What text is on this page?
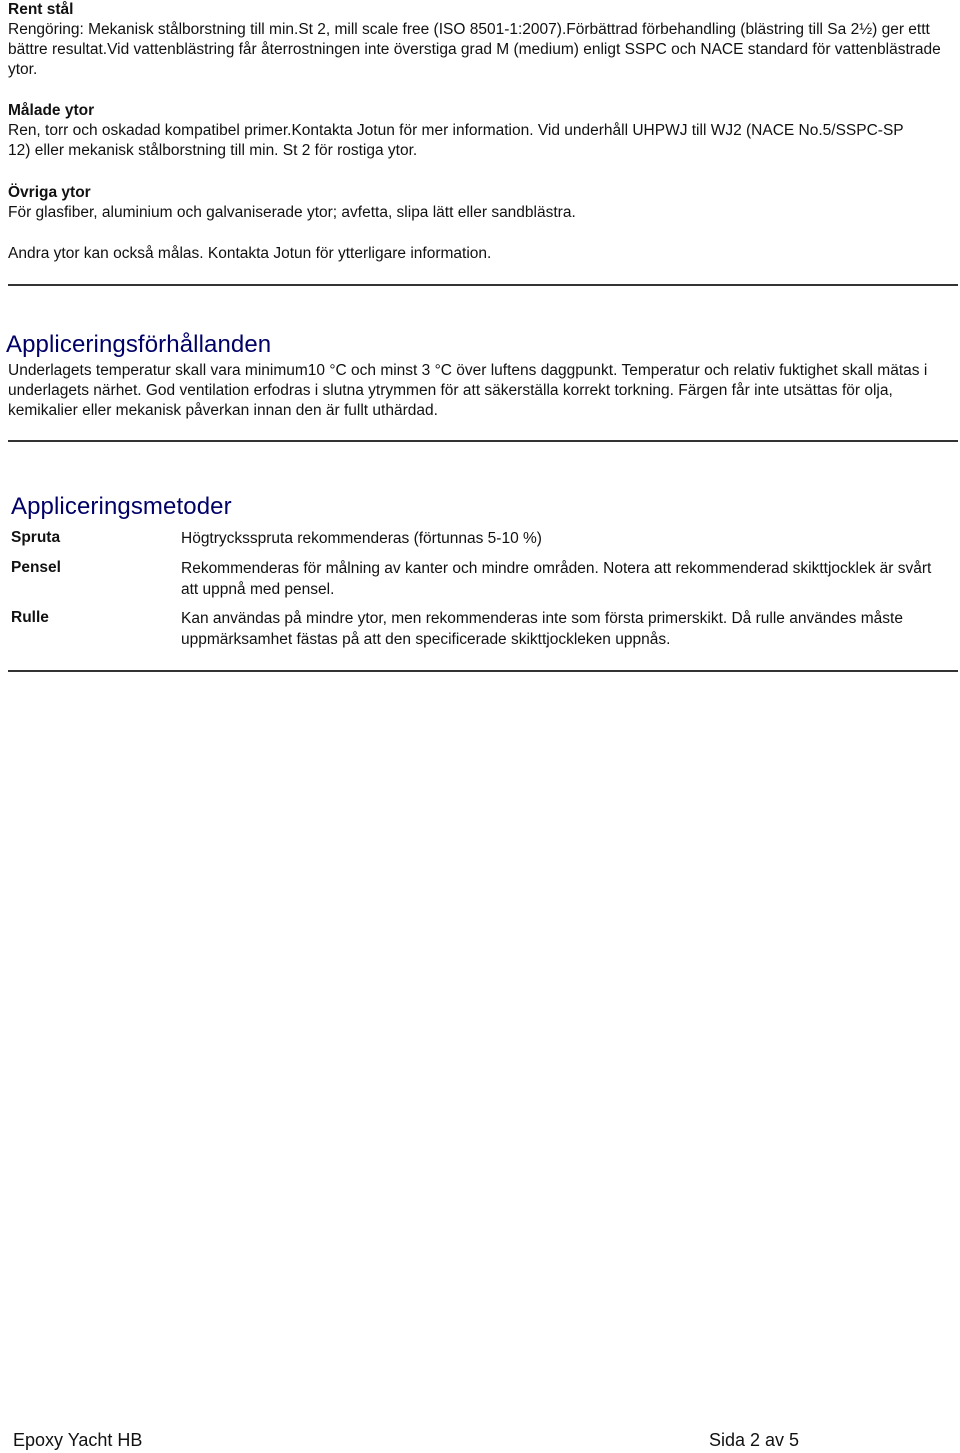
Rent stål

Rengöring: Mekanisk stålborstning till min.St 2, mill scale free (ISO 8501-1:2007).Förbättrad förbehandling (blästring till Sa 2½) ger ettt bättre resultat.Vid vattenblästring får återrostningen inte överstiga grad M (medium) enligt SSPC och NACE standard för vattenblästrade ytor.

Målade ytor

Ren, torr och oskadad kompatibel primer.Kontakta Jotun för mer information. Vid underhåll UHPWJ till WJ2 (NACE No.5/SSPC-SP 12) eller mekanisk stålborstning till min. St 2 för rostiga ytor.

Övriga ytor

För glasfiber, aluminium och galvaniserade ytor; avfetta, slipa lätt eller sandblästra.

Andra ytor kan också målas. Kontakta Jotun för ytterligare information.

Appliceringsförhållanden

Underlagets temperatur skall vara minimum10 °C och minst 3 °C över luftens daggpunkt. Temperatur och relativ fuktighet skall mätas i underlagets närhet. God ventilation erfodras i slutna ytrymmen för att säkerställa korrekt torkning. Färgen får inte utsättas för olja, kemikalier eller mekanisk påverkan innan den är fullt uthärdad.

Appliceringsmetoder
Spruta	Högtrycksspruta rekommenderas (förtunnas 5-10 %)
Pensel	Rekommenderas för målning av kanter och mindre områden. Notera att rekommenderad skikttjocklek är svårt att uppnå med pensel.
Rulle	Kan användas på mindre ytor, men rekommenderas inte som första primerskikt. Då rulle användes måste uppmärksamhet fästas på att den specificerade skikttjockleken uppnås.
Epoxy Yacht HB	Sida 2 av 5
